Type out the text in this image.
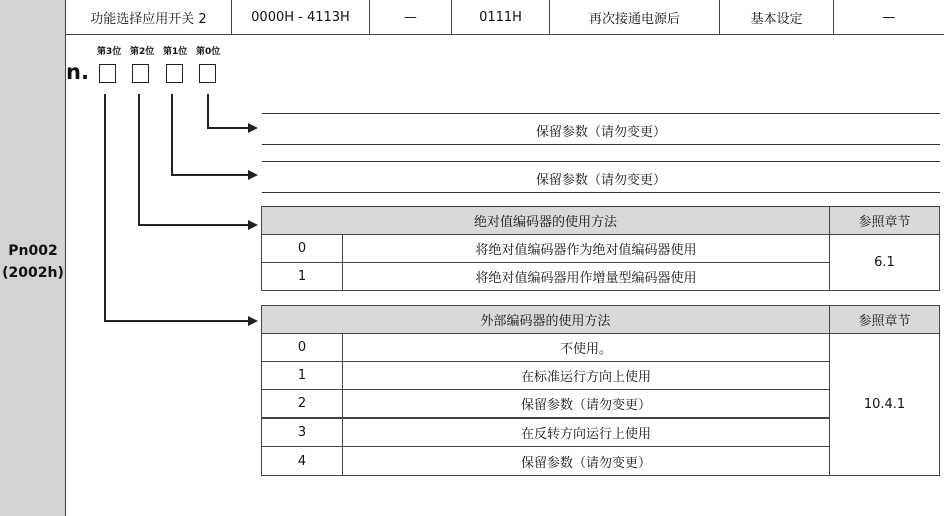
Pn002
(2002h)
功能选择应用开关 2	0000H - 4113H	—	0111H	再次接通电源后	基本设定	—
第3位 第2位 第1位 第0位
n.
保留参数（请勿变更）
保留参数（请勿变更）
绝对值编码器的使用方法	参照章节
0	将绝对值编码器作为绝对值编码器使用
1	将绝对值编码器用作增量型编码器使用
6.1
外部编码器的使用方法	参照章节
0	不使用。
1	在标准运行方向上使用
2	保留参数（请勿变更）
3	在反转方向运行上使用
4	保留参数（请勿变更）
10.4.1
